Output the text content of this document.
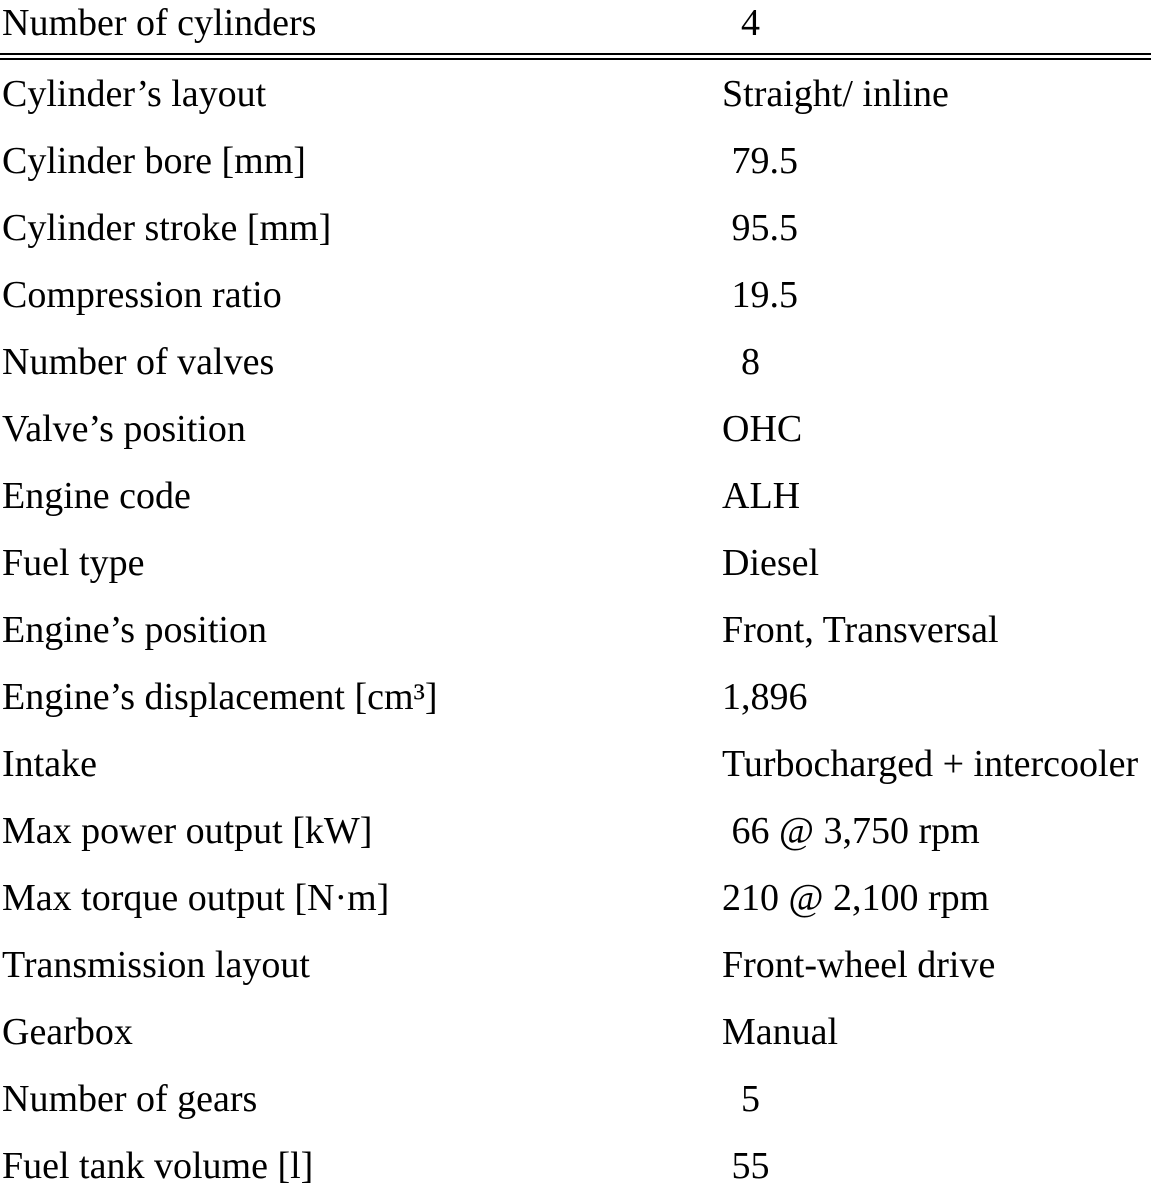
Number of cylinders	4
Cylinder’s layout	Straight/ inline
Cylinder bore [mm]	79.5
Cylinder stroke [mm]	95.5
Compression ratio	19.5
Number of valves	8
Valve’s position	OHC
Engine code	ALH
Fuel type	Diesel
Engine’s position	Front, Transversal
Engine’s displacement [cm³]	1,896
Intake	Turbocharged + intercooler
Max power output [kW]	66 @ 3,750 rpm
Max torque output [N·m]	210 @ 2,100 rpm
Transmission layout	Front-wheel drive
Gearbox	Manual
Number of gears	5
Fuel tank volume [l]	55
